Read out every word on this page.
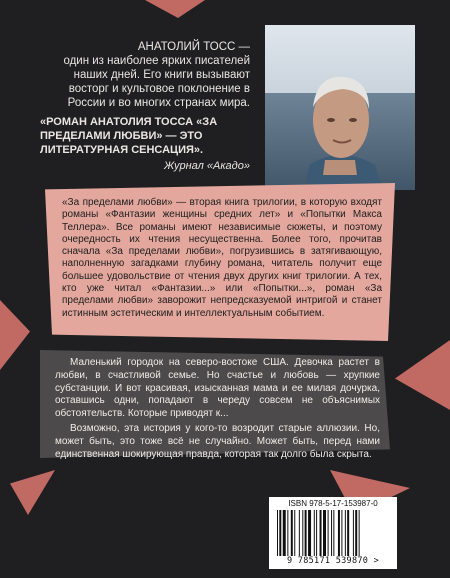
АНАТОЛИЙ ТОСС —
один из наиболее ярких писателей наших дней. Его книги вызывают восторг и культовое поклонение в России и во многих странах мира.
«РОМАН АНАТОЛИЯ ТОССА «ЗА ПРЕДЕЛАМИ ЛЮБВИ» — ЭТО ЛИТЕРАТУРНАЯ СЕНСАЦИЯ».
Журнал «Акадо»
«За пределами любви» — вторая книга трилогии, в которую входят романы «Фантазии женщины средних лет» и «Попытки Макса Теллера». Все романы имеют независимые сюжеты, и поэтому очередность их чтения несущественна. Более того, прочитав сначала «За пределами любви», погрузившись в затягивающую, наполненную загадками глубину романа, читатель получит еще большее удовольствие от чтения двух других книг трилогии. А тех, кто уже читал «Фантазии...» или «Попытки...», роман «За пределами любви» заворожит непредсказуемой интригой и станет истинным эстетическим и интеллектуальным событием.

Маленький городок на северо-востоке США. Девочка растет в любви, в счастливой семье. Но счастье и любовь — хрупкие субстанции. И вот красивая, изысканная мама и ее милая дочурка, оставшись одни, попадают в череду совсем не объяснимых обстоятельств. Которые приводят к...

Возможно, эта история у кого-то возродит старые аллюзии. Но, может быть, это тоже всё не случайно. Может быть, перед нами единственная шокирующая правда, которая так долго была скрыта.

ISBN 978-5-17-153987-0
9 785171 539870 >
